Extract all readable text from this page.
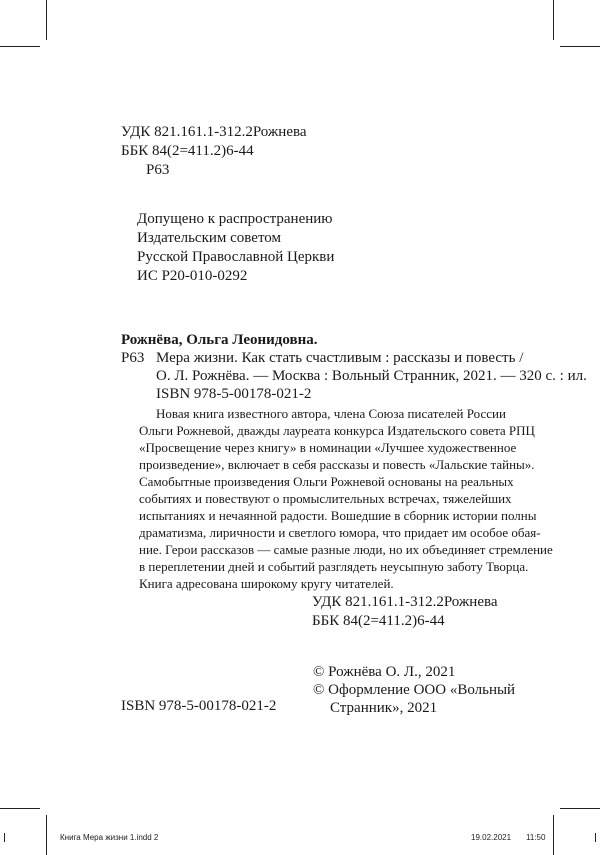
УДК 821.161.1-312.2Рожнева
ББК 84(2=411.2)6-44
Р63
Допущено к распространению
Издательским советом
Русской Православной Церкви
ИС Р20-010-0292
Рожнёва, Ольга Леонидовна.
Р63 Мера жизни. Как стать счастливым : рассказы и повесть /
О. Л. Рожнёва. — Москва : Вольный Странник, 2021. — 320 с. : ил.
ISBN 978-5-00178-021-2
Новая книга известного автора, члена Союза писателей России
Ольги Рожневой, дважды лауреата конкурса Издательского совета РПЦ
«Просвещение через книгу» в номинации «Лучшее художественное
произведение», включает в себя рассказы и повесть «Лальские тайны».
Самобытные произведения Ольги Рожневой основаны на реальных
событиях и повествуют о промыслительных встречах, тяжелейших
испытаниях и нечаянной радости. Вошедшие в сборник истории полны
драматизма, лиричности и светлого юмора, что придает им особое обая-
ние. Герои рассказов — самые разные люди, но их объединяет стремление
в переплетении дней и событий разглядеть неусыпную заботу Творца.
Книга адресована широкому кругу читателей.
УДК 821.161.1-312.2Рожнева
ББК 84(2=411.2)6-44
© Рожнёва О. Л., 2021
© Оформление ООО «Вольный
Странник», 2021
ISBN 978-5-00178-021-2
Книга Мера жизни 1.indd 2	19.02.2021 11:50
